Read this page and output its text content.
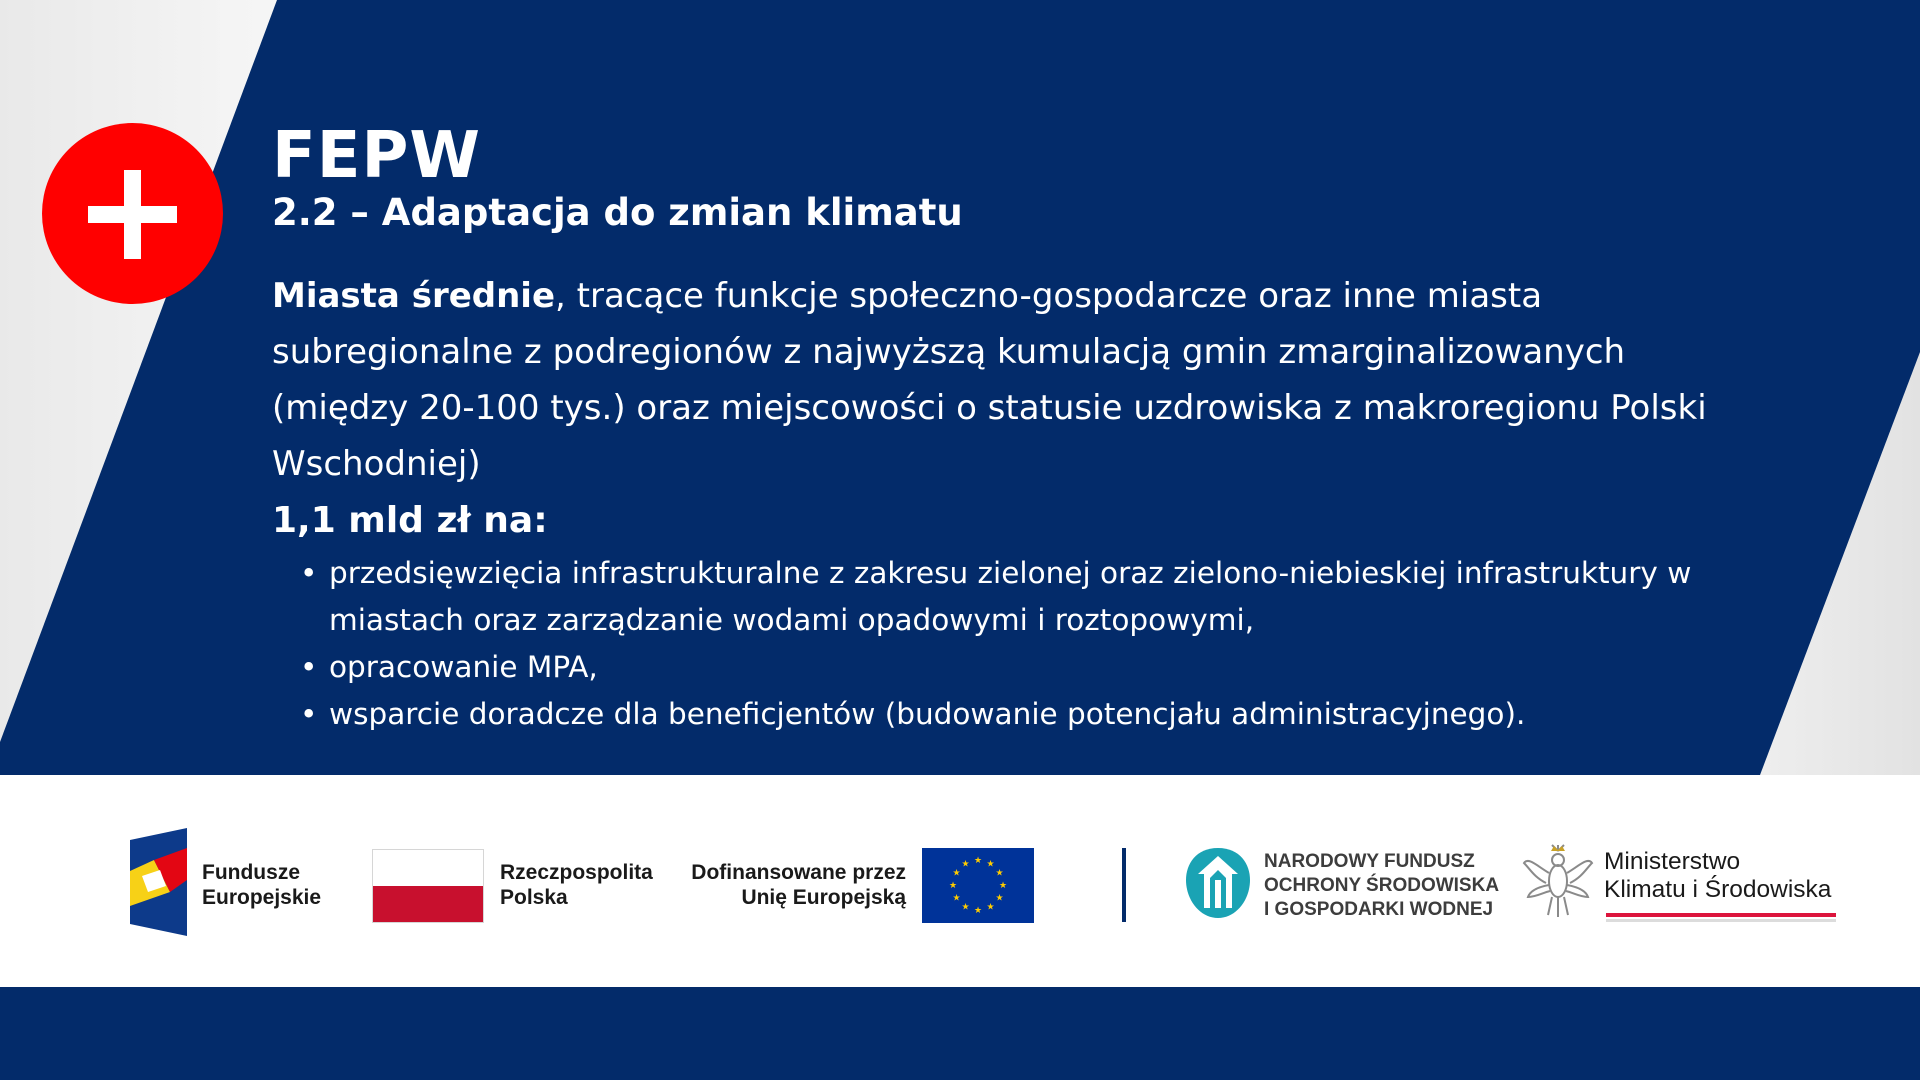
FEPW
2.2 – Adaptacja do zmian klimatu

Miasta średnie, tracące funkcje społeczno-gospodarcze oraz inne miasta subregionalne z podregionów z najwyższą kumulacją gmin zmarginalizowanych (między 20-100 tys.) oraz miejscowości o statusie uzdrowiska z makroregionu Polski Wschodniej)

1,1 mld zł na:

• przedsięwzięcia infrastrukturalne z zakresu zielonej oraz zielono-niebieskiej infrastruktury w miastach oraz zarządzanie wodami opadowymi i roztopowymi,
• opracowanie MPA,
• wsparcie doradcze dla beneficjentów (budowanie potencjału administracyjnego).

Fundusze
Europejskie

Rzeczpospolita
Polska

Dofinansowane przez
Unię Europejską

★ ★
★
★
★
★
★
★
★
★
★
★	NARODOWY FUNDUSZ
OCHRONY ŚRODOWISKA
I GOSPODARKI WODNEJ

Ministerstwo
Klimatu i Środowiska
